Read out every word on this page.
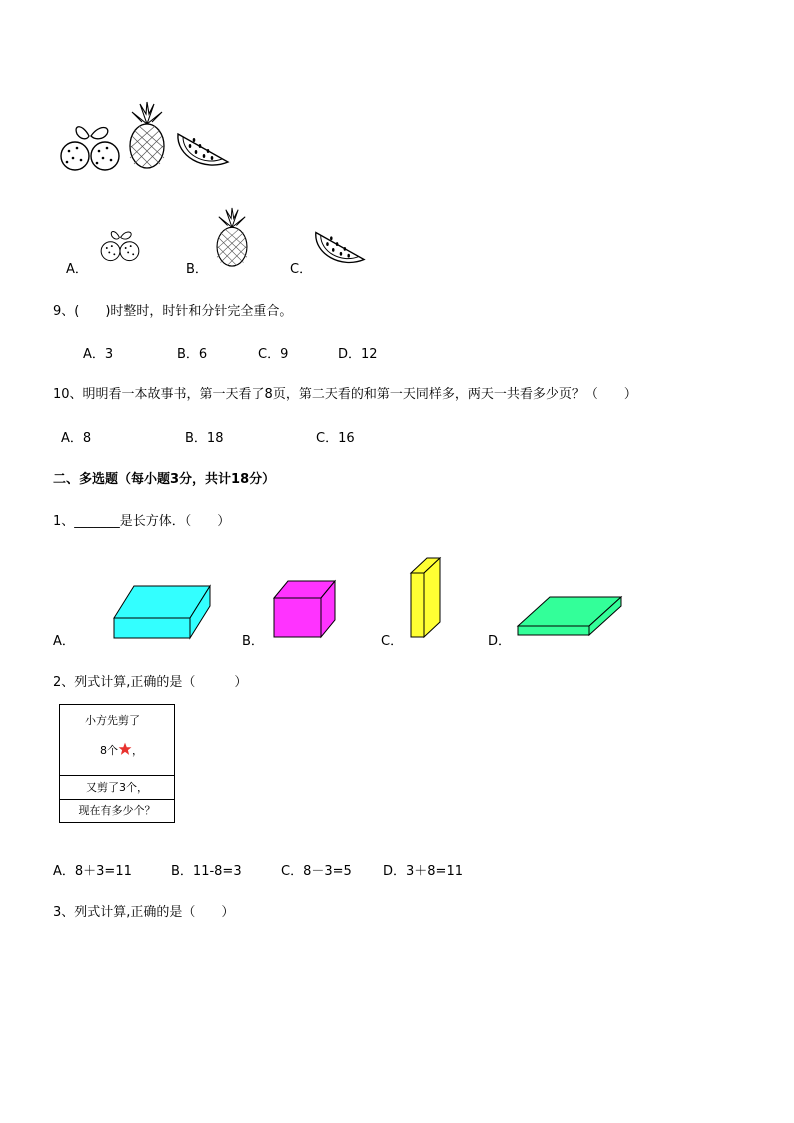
A．	B．	C．
9、(　　)时整时，时针和分针完全重合。
A．3	B．6	C．9	D．12
10、明明看一本故事书，第一天看了8页，第二天看的和第一天同样多，两天一共看多少页？（　　）
A．8	B．18	C．16
二、多选题（每小题3分，共计18分）
1、_______是长方体．（　　）
A．	B．	C．	D．
2、列式计算,正确的是（　　　）
小方先剪了
8个 ，
又剪了3个，
现在有多少个？
A．8＋3=11	B．11-8=3	C．8－3=5 D．3＋8=11
3、列式计算,正确的是（　　）
